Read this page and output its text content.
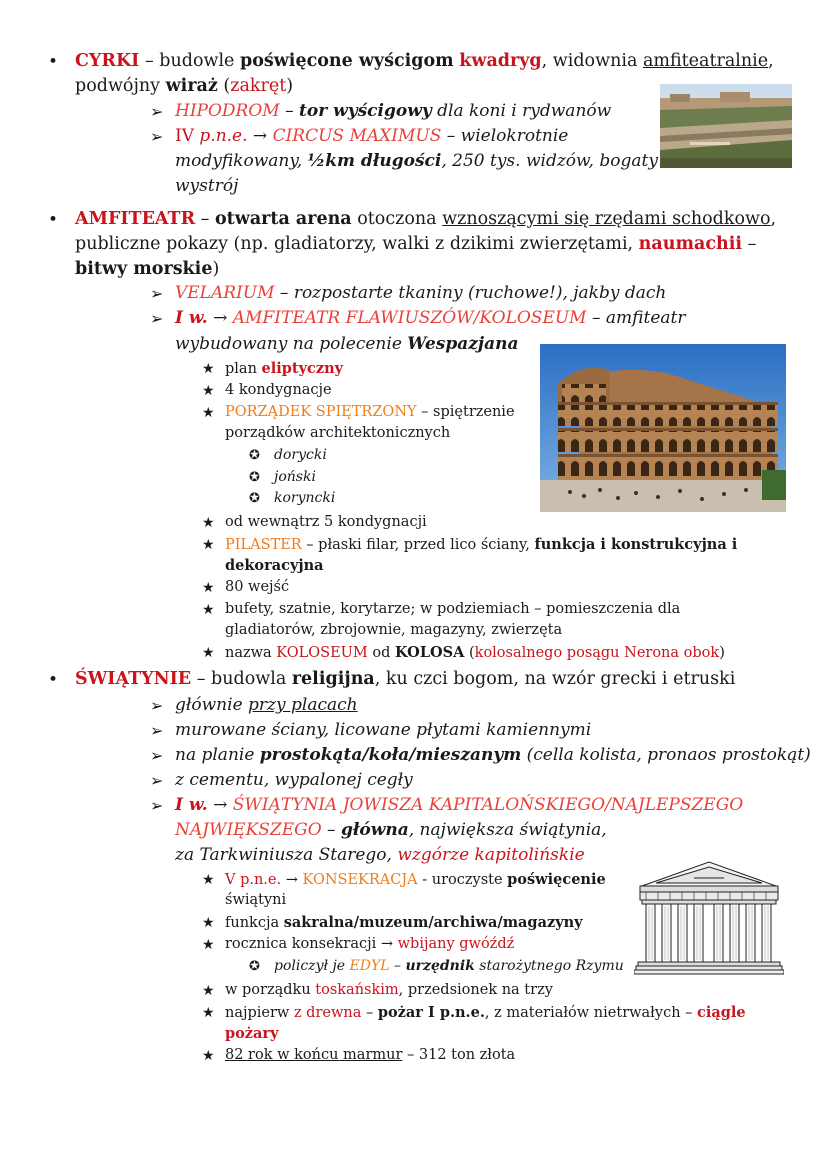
• CYRKI – budowle poświęcone wyścigom kwadryg, widownia amfiteatralnie,
podwójny wiraż (zakręt)
➢ HIPODROM – tor wyścigowy dla koni i rydwanów
➢ IV p.n.e. → CIRCUS MAXIMUS – wielokrotnie
modyfikowany, ½km długości, 250 tys. widzów, bogaty
wystrój
• AMFITEATR – otwarta arena otoczona wznoszącymi się rzędami schodkowo,
publiczne pokazy (np. gladiatorzy, walki z dzikimi zwierzętami, naumachii –
bitwy morskie)
➢ VELARIUM – rozpostarte tkaniny (ruchowe!), jakby dach
➢ I w. → AMFITEATR FLAWIUSZÓW/KOLOSEUM – amfiteatr
wybudowany na polecenie Wespazjana
★ plan eliptyczny
★ 4 kondygnacje
★ PORZĄDEK SPIĘTRZONY – spiętrzenie
porządków architektonicznych
✪ dorycki
✪ joński
✪ koryncki
★ od wewnątrz 5 kondygnacji
★ PILASTER – płaski filar, przed lico ściany, funkcja i konstrukcyjna i
dekoracyjna
★ 80 wejść
★ bufety, szatnie, korytarze; w podziemiach – pomieszczenia dla
gladiatorów, zbrojownie, magazyny, zwierzęta
★ nazwa KOLOSEUM od KOLOSA (kolosalnego posągu Nerona obok)
• ŚWIĄTYNIE – budowla religijna, ku czci bogom, na wzór grecki i etruski
➢ głównie przy placach
➢ murowane ściany, licowane płytami kamiennymi
➢ na planie prostokąta/koła/mieszanym (cella kolista, pronaos prostokąt)
➢ z cementu, wypalonej cegły
➢ I w. → ŚWIĄTYNIA JOWISZA KAPITALOŃSKIEGO/NAJLEPSZEGO
NAJWIĘKSZEGO – główna, największa świątynia,
za Tarkwiniusza Starego, wzgórze kapitolińskie
★ V p.n.e. → KONSEKRACJA - uroczyste poświęcenie
świątyni
★ funkcja sakralna/muzeum/archiwa/magazyny
★ rocznica konsekracji → wbijany gwóźdź
✪ policzył je EDYL – urzędnik starożytnego Rzymu
★ w porządku toskańskim, przedsionek na trzy
★ najpierw z drewna – pożar I p.n.e., z materiałów nietrwałych – ciągle
pożary
★ 82 rok w końcu marmur – 312 ton złota
